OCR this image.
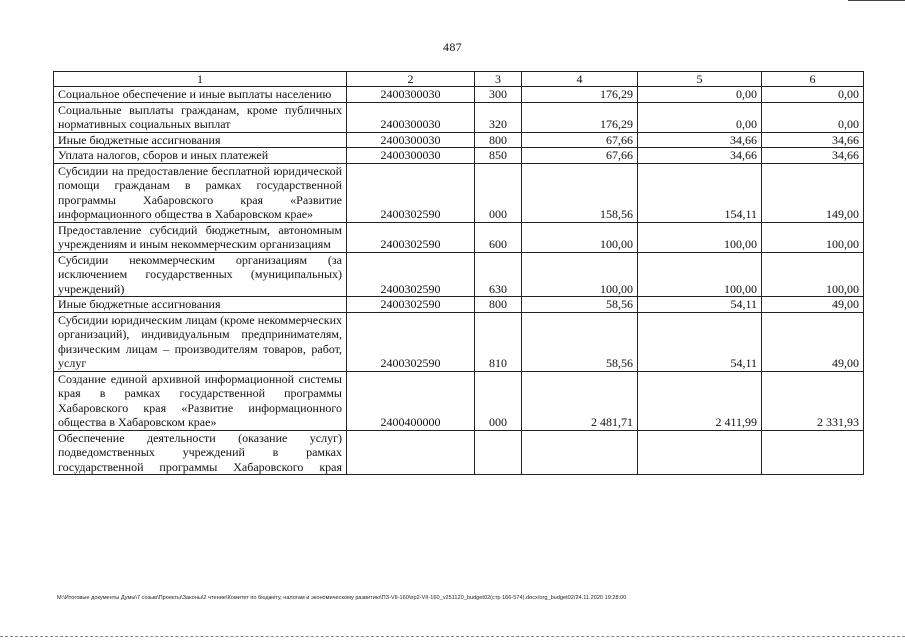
487
1	2	3	4	5	6
Социальное обеспечение и иные выплаты населению	2400300030	300	176,29	0,00	0,00
Социальные выплаты гражданам, кроме публичных нормативных социальных выплат	2400300030	320	176,29	0,00	0,00
Иные бюджетные ассигнования	2400300030	800	67,66	34,66	34,66
Уплата налогов, сборов и иных платежей	2400300030	850	67,66	34,66	34,66
Субсидии на предоставление бесплатной юридической помощи гражданам в рамках государственной программы Хабаровского края «Развитие информационного общества в Хабаровском крае»	2400302590	000	158,56	154,11	149,00
Предоставление субсидий бюджетным, автономным учреждениям и иным некоммерческим организациям	2400302590	600	100,00	100,00	100,00
Субсидии некоммерческим организациям (за исключением государственных (муниципальных) учреждений)	2400302590	630	100,00	100,00	100,00
Иные бюджетные ассигнования	2400302590	800	58,56	54,11	49,00
Субсидии юридическим лицам (кроме некоммерческих организаций), индивидуальным предпринимателям, физическим лицам – производителям товаров, работ, услуг	2400302590	810	58,56	54,11	49,00
Создание единой архивной информационной системы края в рамках государственной программы Хабаровского края «Развитие информационного общества в Хабаровском крае»	2400400000	000	2 481,71	2 411,99	2 331,93
Обеспечение деятельности (оказание услуг) подведомственных учреждений в рамках государственной программы Хабаровского края					
M:\Итоговые документы Думы\7 созыв\Проекты\Законы\2 чтение\Комитет по бюджету, налогам и экономическому развитию\ПЗ-VII-160\пр2-VII-160_v251120_budget02(стр 166-574).docx/org_budget02/24.11.2020 19:28:00
